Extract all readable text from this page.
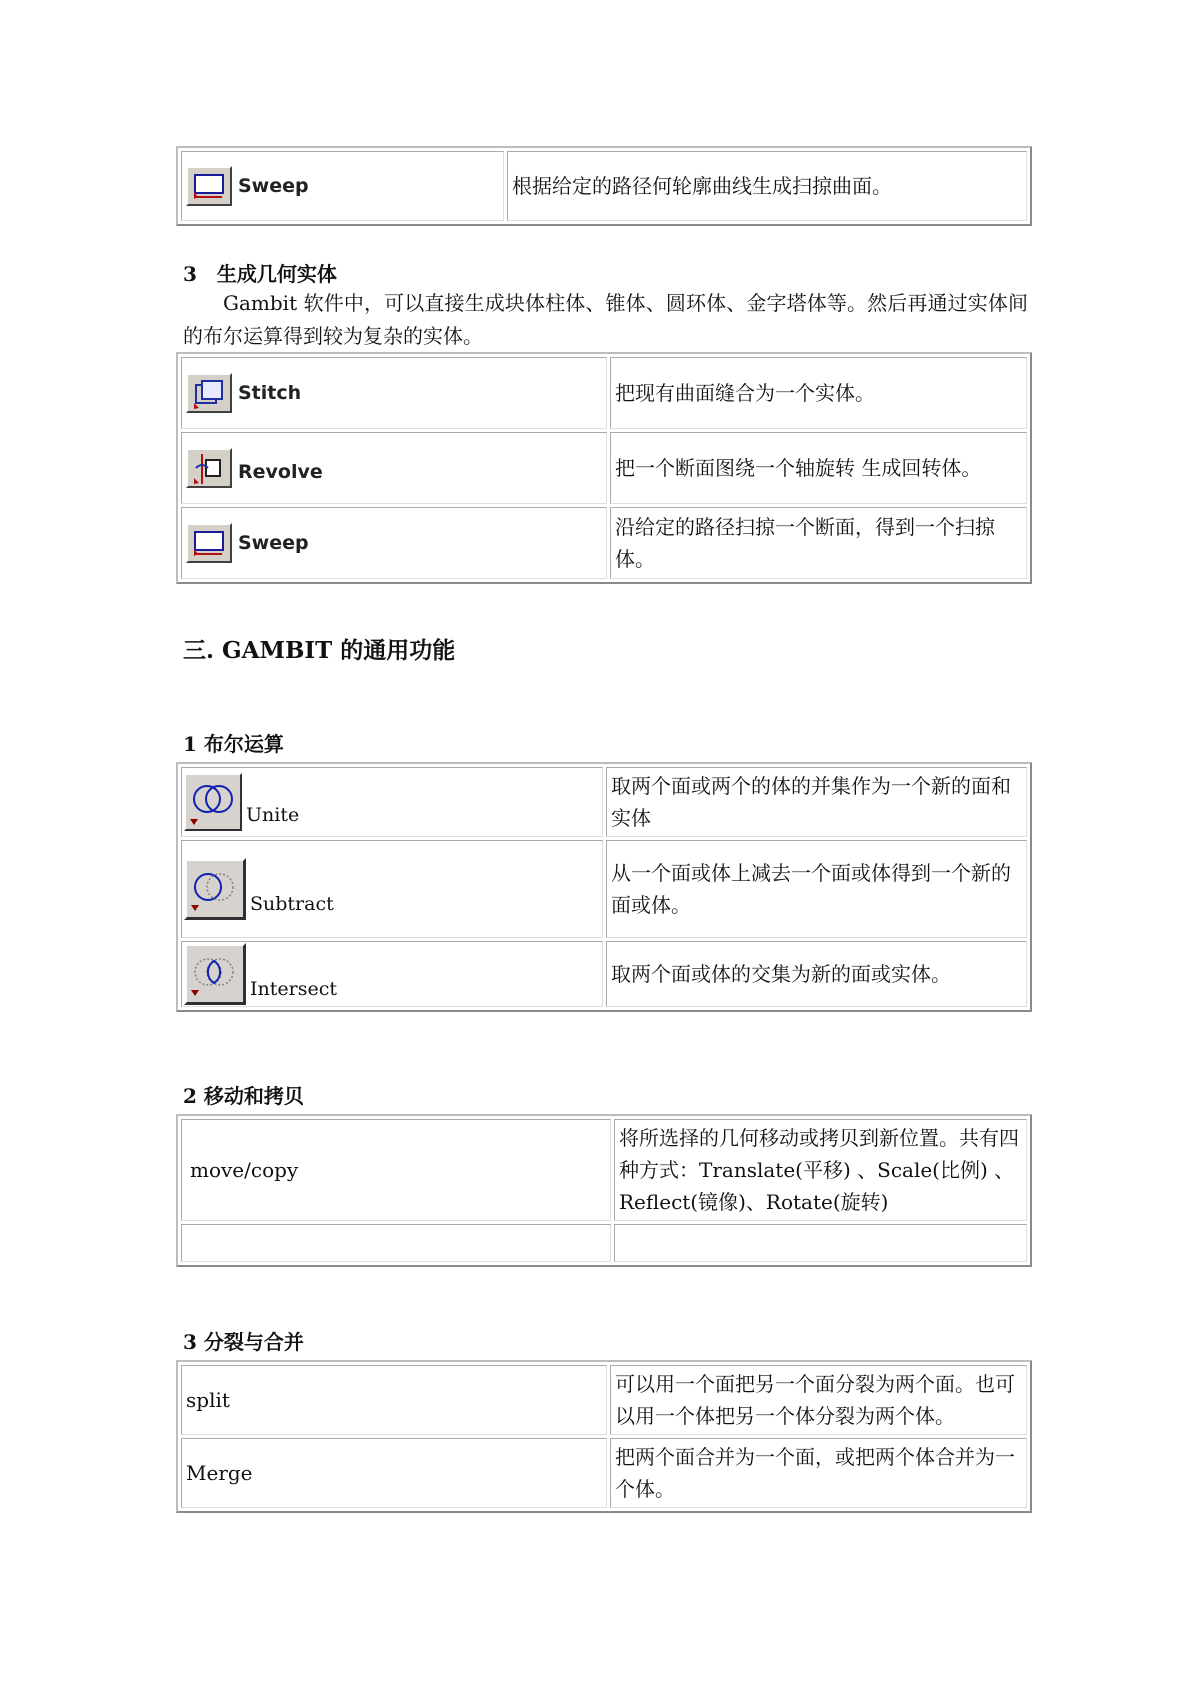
Sweep	根据给定的路径何轮廓曲线生成扫掠曲面。
3　生成几何实体
Gambit 软件中，可以直接生成块体柱体、锥体、圆环体、金字塔体等。然后再通过实体间的布尔运算得到较为复杂的实体。
Stitch	把现有曲面缝合为一个实体。

Revolve	把一个断面图绕一个轴旋转 生成回转体。

Sweep	沿给定的路径扫掠一个断面，得到一个扫掠体。
三. GAMBIT 的通用功能
1 布尔运算
Unite	取两个面或两个的体的并集作为一个新的面和实体

Subtract	从一个面或体上减去一个面或体得到一个新的面或体。

Intersect	取两个面或体的交集为新的面或实体。
2 移动和拷贝
move/copy	将所选择的几何移动或拷贝到新位置。共有四种方式：Translate(平移) 、Scale(比例) 、Reflect(镜像)、Rotate(旋转)

3 分裂与合并
split	可以用一个面把另一个面分裂为两个面。也可以用一个体把另一个体分裂为两个体。
Merge	把两个面合并为一个面，或把两个体合并为一个体。
